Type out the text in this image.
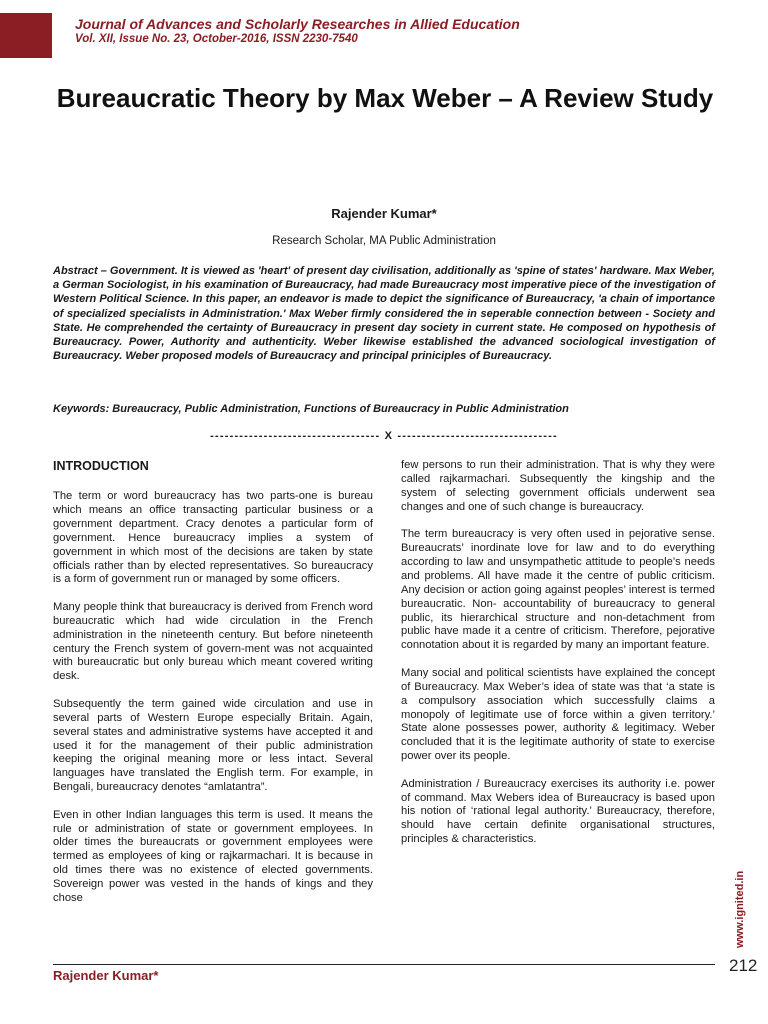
Journal of Advances and Scholarly Researches in Allied Education
Vol. XII, Issue No. 23, October-2016, ISSN 2230-7540
Bureaucratic Theory by Max Weber – A Review Study
Rajender Kumar*
Research Scholar, MA Public Administration

Abstract – Government. It is viewed as 'heart' of present day civilisation, additionally as 'spine of states' hardware. Max Weber, a German Sociologist, in his examination of Bureaucracy, had made Bureaucracy most imperative piece of the investigation of Western Political Science. In this paper, an endeavor is made to depict the significance of Bureaucracy, 'a chain of importance of specialized specialists in Administration.' Max Weber firmly considered the in seperable connection between - Society and State. He comprehended the certainty of Bureaucracy in present day society in current state. He composed on hypothesis of Bureaucracy. Power, Authority and authenticity. Weber likewise established the advanced sociological investigation of Bureaucracy. Weber proposed models of Bureaucracy and principal priniciples of Bureaucracy.

Keywords: Bureaucracy, Public Administration, Functions of Bureaucracy in Public Administration

----------------------------------- X ---------------------------------
INTRODUCTION

The term or word bureaucracy has two parts-one is bureau which means an office transacting particular business or a government department. Cracy denotes a particular form of government. Hence bureaucracy implies a system of government in which most of the decisions are taken by state officials rather than by elected representatives. So bureaucracy is a form of government run or managed by some officers.

Many people think that bureaucracy is derived from French word bureaucratic which had wide circulation in the French administration in the nineteenth century. But before nineteenth century the French system of govern-ment was not acquainted with bureaucratic but only bureau which meant covered writing desk.

Subsequently the term gained wide circulation and use in several parts of Western Europe especially Britain. Again, several states and administrative systems have accepted it and used it for the management of their public administration keeping the original meaning more or less intact. Several languages have translated the English term. For example, in Bengali, bureaucracy denotes “amlatantra”.

Even in other Indian languages this term is used. It means the rule or administration of state or government employees. In older times the bureaucrats or government employees were termed as employees of king or rajkarmachari. It is because in old times there was no existence of elected governments. Sovereign power was vested in the hands of kings and they chose

few persons to run their administration. That is why they were called rajkarmachari. Subsequently the kingship and the system of selecting government officials underwent sea changes and one of such change is bureaucracy.

The term bureaucracy is very often used in pejorative sense. Bureaucrats’ inordinate love for law and to do everything according to law and unsympathetic attitude to people’s needs and problems. All have made it the centre of public criticism. Any decision or action going against peoples’ interest is termed bureaucratic. Non- accountability of bureaucracy to general public, its hierarchical structure and non-detachment from public have made it a centre of criticism. Therefore, pejorative connotation about it is regarded by many an important feature.

Many social and political scientists have explained the concept of Bureaucracy. Max Weber’s idea of state was that ‘a state is a compulsory association which successfully claims a monopoly of legitimate use of force within a given territory.’ State alone possesses power, authority & legitimacy. Weber concluded that it is the legitimate authority of state to exercise power over its people.

Administration / Bureaucracy exercises its authority i.e. power of command. Max Webers idea of Bureaucracy is based upon his notion of ‘rational legal authority.’ Bureaucracy, therefore, should have certain definite organisational structures, principles & characteristics.

www.ignited.in
Rajender Kumar*
212
